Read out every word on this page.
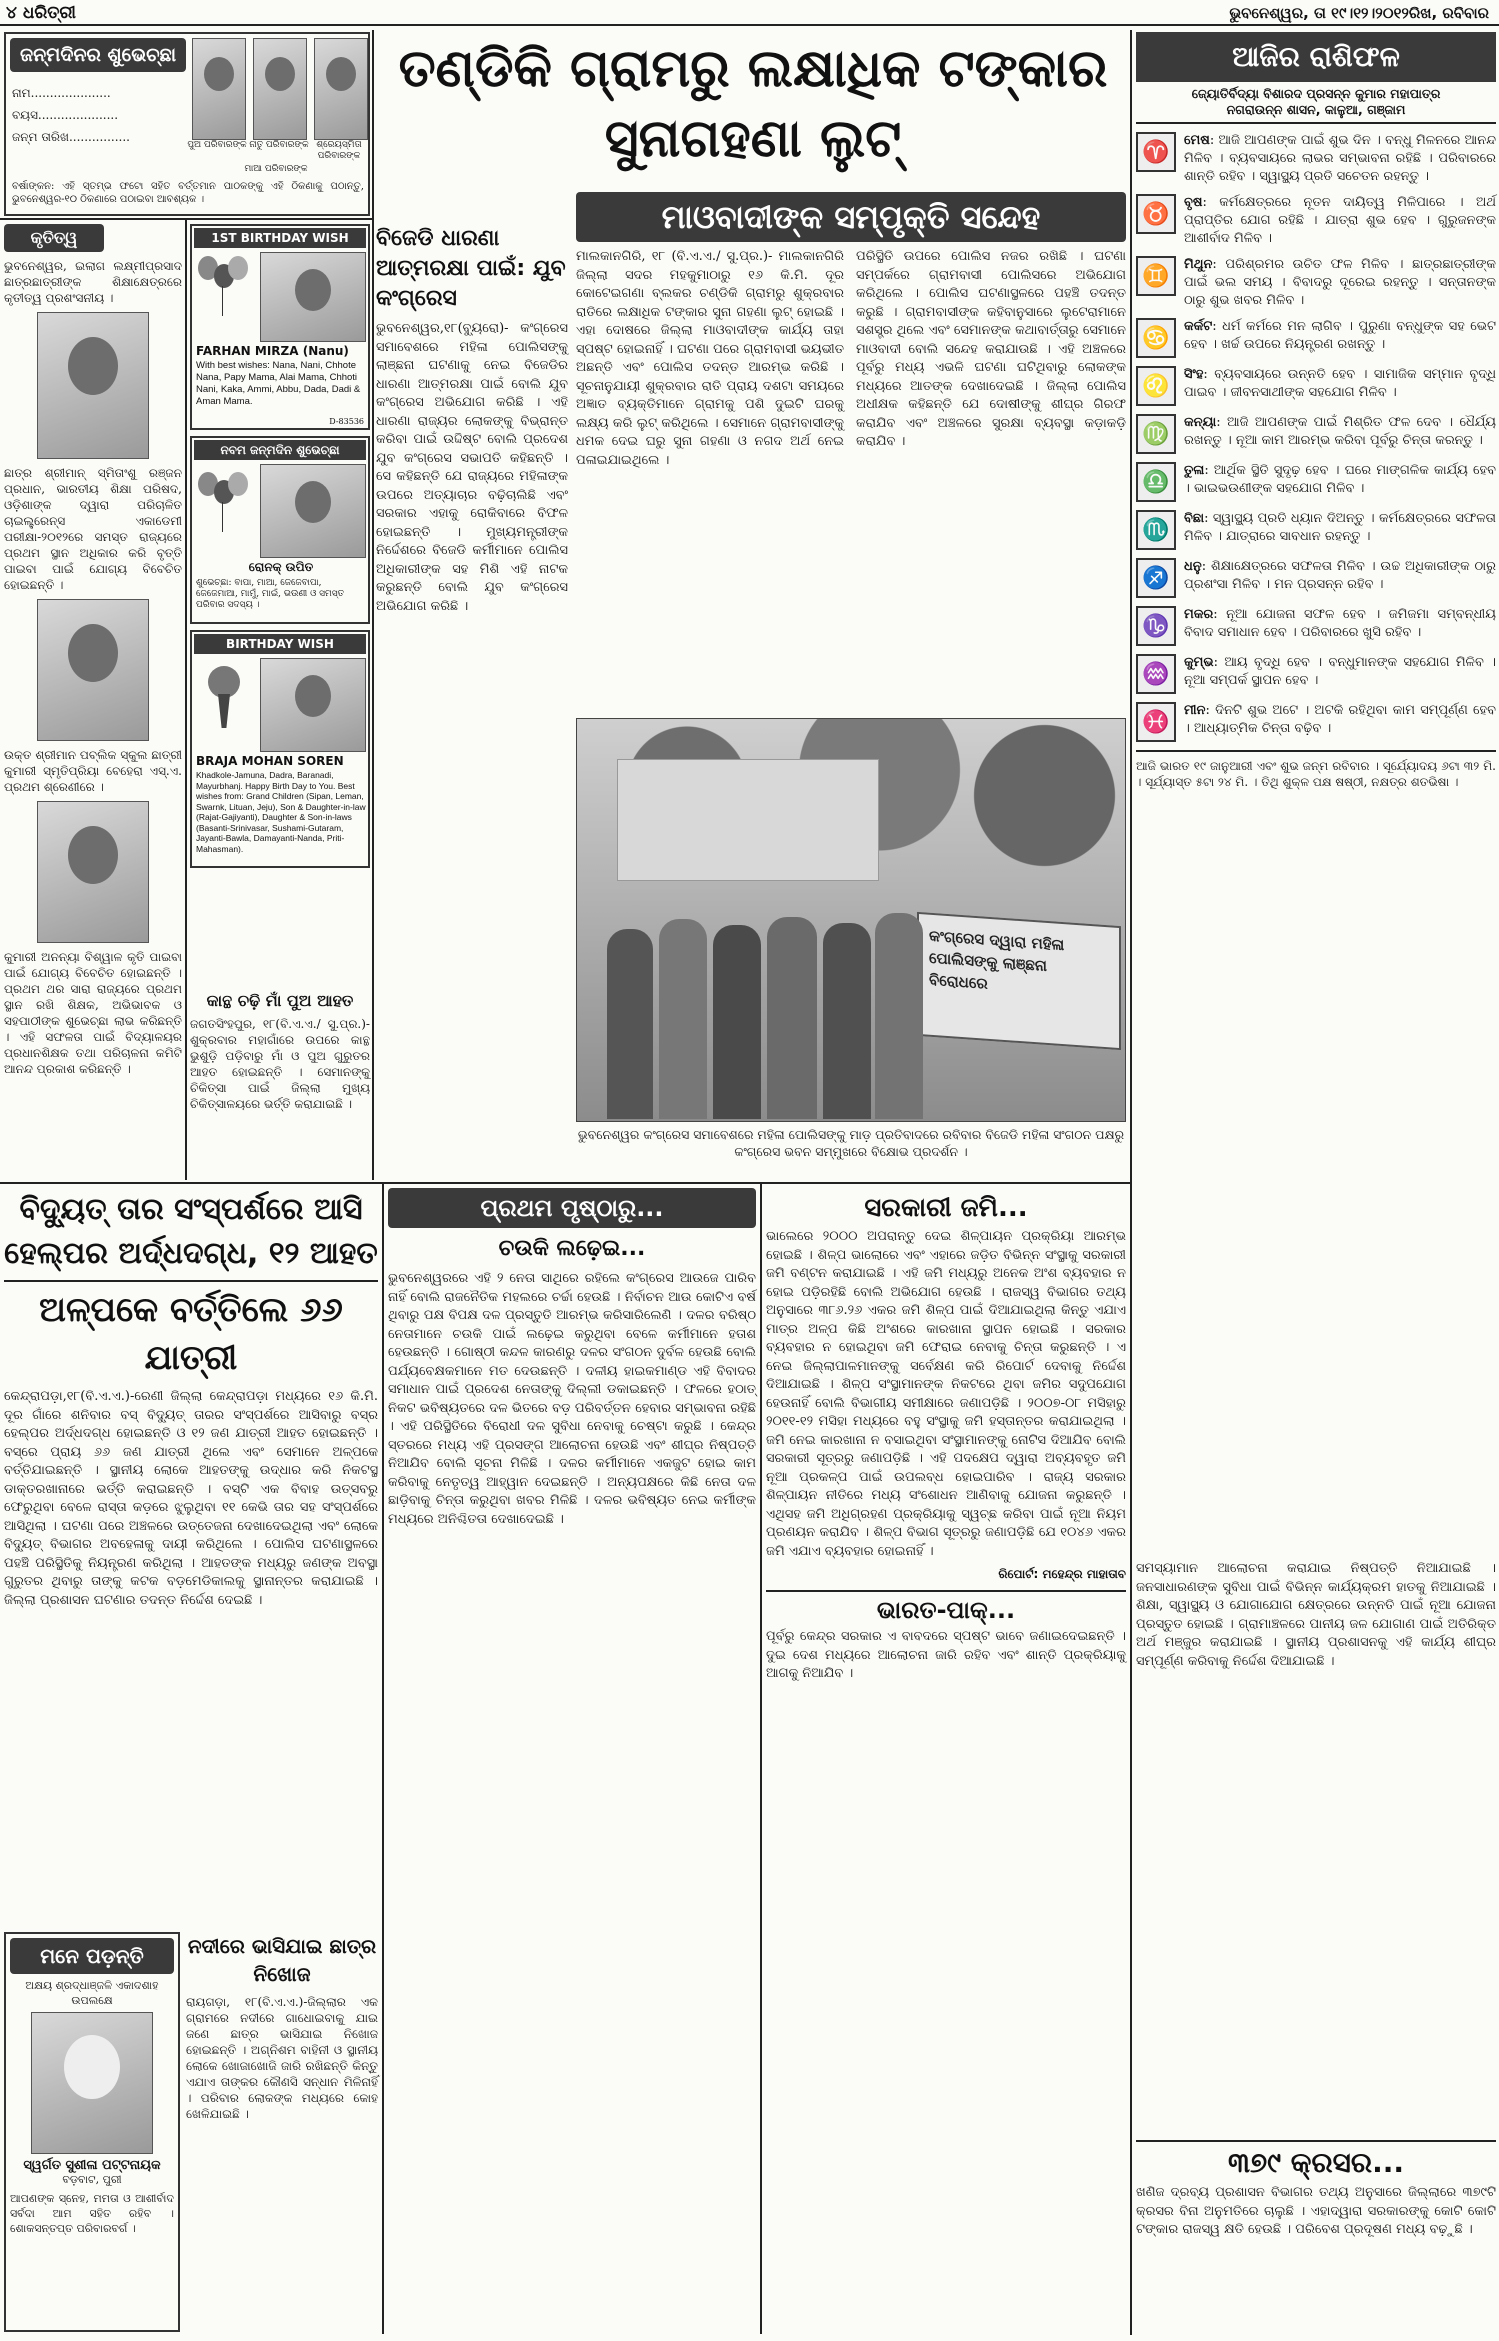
୪ ଧରିତ୍ରୀ	ଭୁବନେଶ୍ୱର, ତା ୧୯।୧୨।୨୦୧୨ରିଖ, ରବିବାର
ଜନ୍ମଦିନର ଶୁଭେଚ୍ଛା
ନାମ.....................
ବୟସ.....................
ଜନ୍ମ ତାରିଖ................
ପୁଅ ପରିବାରଙ୍କ ନାତୁ ପରିବାରଙ୍କ ଶ୍ରେୟସ୍ମିତା ପରିବାରଙ୍କ
ମାଆ ପରିବାରଙ୍କ
ବର୍ଷାଙ୍କନ: ଏହି ସ୍ତମ୍ଭ ଫଟୋ ସହିତ ବର୍ତ୍ତମାନ ପାଠକଙ୍କୁ ଏହି ଠିକଣାକୁ ପଠାନ୍ତୁ, ଭୁବନେଶ୍ୱର-୧୦ ଠିକଣାରେ ପଠାଇବା ଆବଶ୍ୟକ ।
କୃତିତ୍ୱ

ଭୁବନେଶ୍ୱର, ଇଲାଗ ଲକ୍ଷ୍ମୀପ୍ରସାଦ ଛାତ୍ରଛାତ୍ରୀଙ୍କ ଶିକ୍ଷାକ୍ଷେତ୍ରରେ କୃତୀତ୍ୱ ପ୍ରଶଂସନୀୟ ।

ଛାତ୍ର ଶ୍ରୀମାନ୍ ସ୍ମିତାଂଶୁ ରଞ୍ଜନ ପ୍ରଧାନ, ଭାରତୀୟ ଶିକ୍ଷା ପରିଷଦ, ଓଡ଼ିଶାଙ୍କ ଦ୍ୱାରା ପରିଚାଳିତ ଚାଇଲ୍ଡ୍ରେନ୍ସ ଏକାଡେମୀ ପରୀକ୍ଷା-୨୦୧୨ରେ ସମସ୍ତ ରାଜ୍ୟରେ ପ୍ରଥମ ସ୍ଥାନ ଅଧିକାର କରି ବୃତ୍ତି ପାଇବା ପାଇଁ ଯୋଗ୍ୟ ବିବେଚିତ ହୋଇଛନ୍ତି ।

ଉକ୍ତ ଶ୍ରୀମାନ ପବ୍ଲିକ ସ୍କୁଲ ଛାତ୍ରୀ କୁମାରୀ ସ୍ମୃତିପ୍ରିୟା ବେହେରା ଏସ୍.ଏ. ପ୍ରଥମ ଶ୍ରେଣୀରେ ।

କୁମାରୀ ଅନନ୍ୟା ବିଶ୍ୱାଳ କୃତି ପାଇବା ପାଇଁ ଯୋଗ୍ୟ ବିବେଚିତ ହୋଇଛନ୍ତି । ପ୍ରଥମ ଥର ସାରା ରାଜ୍ୟରେ ପ୍ରଥମ ସ୍ଥାନ ରଖି ଶିକ୍ଷକ, ଅଭିଭାବକ ଓ ସହପାଠୀଙ୍କ ଶୁଭେଚ୍ଛା ଲାଭ କରିଛନ୍ତି । ଏହି ସଫଳତା ପାଇଁ ବିଦ୍ୟାଳୟର ପ୍ରଧାନଶିକ୍ଷକ ତଥା ପରିଚାଳନା କମିଟି ଆନନ୍ଦ ପ୍ରକାଶ କରିଛନ୍ତି ।

1ST BIRTHDAY WISH
FARHAN MIRZA (Nanu)
With best wishes: Nana, Nani, Chhote Nana, Papy Mama, Alai Mama, Chhoti Nani, Kaka, Ammi, Abbu, Dada, Dadi & Aman Mama.
D-83536
ନବମ ଜନ୍ମଦିନ ଶୁଭେଚ୍ଛା
ରୋନକ୍ ଉପିତ
ଶୁଭେଚ୍ଛା: ବାପା, ମାଆ, ଜେଜେବାପା, ଜେଜେମାଆ, ମାମୁଁ, ମାଇଁ, ଭଉଣୀ ଓ ସମସ୍ତ ପରିବାର ସଦସ୍ୟ ।
BIRTHDAY WISH
BRAJA MOHAN SOREN
Khadkole-Jamuna, Dadra, Baranadi, Mayurbhanj. Happy Birth Day to You. Best wishes from: Grand Children (Sipan, Leman, Swarnk, Lituan, Jeju), Son & Daughter-in-law (Rajat-Gajiyanti), Daughter & Son-in-laws (Basanti-Srinivasar, Sushami-Gutaram, Jayanti-Bawla, Damayanti-Nanda, Priti-Mahasman).
ବିଜେଡି ଧାରଣା ଆତ୍ମରକ୍ଷା ପାଇଁ: ଯୁବ କଂଗ୍ରେସ

ଭୁବନେଶ୍ୱର,୧୮(ବ୍ୟୁରୋ)- କଂଗ୍ରେସ ସମାବେଶରେ ମହିଳା ପୋଲିସଙ୍କୁ ଲାଞ୍ଛନା ଘଟଣାକୁ ନେଇ ବିଜେଡିର ଧାରଣା ଆତ୍ମରକ୍ଷା ପାଇଁ ବୋଲି ଯୁବ କଂଗ୍ରେସ ଅଭିଯୋଗ କରିଛି । ଏହି ଧାରଣା ରାଜ୍ୟର ଲୋକଙ୍କୁ ବିଭ୍ରାନ୍ତ କରିବା ପାଇଁ ଉଦ୍ଦିଷ୍ଟ ବୋଲି ପ୍ରଦେଶ ଯୁବ କଂଗ୍ରେସ ସଭାପତି କହିଛନ୍ତି । ସେ କହିଛନ୍ତି ଯେ ରାଜ୍ୟରେ ମହିଳାଙ୍କ ଉପରେ ଅତ୍ୟାଚାର ବଢ଼ିଚାଲିଛି ଏବଂ ସରକାର ଏହାକୁ ରୋକିବାରେ ବିଫଳ ହୋଇଛନ୍ତି । ମୁଖ୍ୟମନ୍ତ୍ରୀଙ୍କ ନିର୍ଦ୍ଦେଶରେ ବିଜେଡି କର୍ମୀମାନେ ପୋଲିସ ଅଧିକାରୀଙ୍କ ସହ ମିଶି ଏହି ନାଟକ କରୁଛନ୍ତି ବୋଲି ଯୁବ କଂଗ୍ରେସ ଅଭିଯୋଗ କରିଛି ।

କାନ୍ଥ ଚଢ଼ି ମାଁ ପୁଅ ଆହତ

ଜଗତସିଂହପୁର, ୧୮(ବି.ଏ.ଏ./ ସୁ.ପ୍ର.)-ଶୁକ୍ରବାର ମହାଗାଁରେ ଉପରେ କାନ୍ଥ ଭୁଶୁଡ଼ି ପଡ଼ିବାରୁ ମାଁ ଓ ପୁଅ ଗୁରୁତର ଆହତ ହୋଇଛନ୍ତି । ସେମାନଙ୍କୁ ଚିକିତ୍ସା ପାଇଁ ଜିଲ୍ଲା ମୁଖ୍ୟ ଚିକିତ୍ସାଳୟରେ ଭର୍ତ୍ତି କରାଯାଇଛି ।

ତଣ୍ଡିକି ଗ୍ରାମରୁ ଲକ୍ଷାଧିକ ଟଙ୍କାର ସୁନାଗହଣା ଲୁଟ୍
ମାଓବାଦୀଙ୍କ ସମ୍ପୃକ୍ତି ସନ୍ଦେହ

ମାଲକାନଗିରି, ୧୮ (ବି.ଏ.ଏ./ ସୁ.ପ୍ର.)- ମାଲକାନଗିରି ଜିଲ୍ଲା ସଦର ମହକୁମାଠାରୁ ୧୬ କି.ମି. ଦୂର କୋଟେଇଗଣା ବ୍ଲକର ଚଣ୍ଡିକି ଗ୍ରାମରୁ ଶୁକ୍ରବାର ରାତିରେ ଲକ୍ଷାଧିକ ଟଙ୍କାର ସୁନା ଗହଣା ଲୁଟ୍ ହୋଇଛି । ଏହା ଦୋଷରେ ଜିଲ୍ଲା ମାଓବାଦୀଙ୍କ କାର୍ଯ୍ୟ ତାହା ସ୍ପଷ୍ଟ ହୋଇନାହିଁ । ଘଟଣା ପରେ ଗ୍ରାମବାସୀ ଭୟଭୀତ ଅଛନ୍ତି ଏବଂ ପୋଲିସ ତଦନ୍ତ ଆରମ୍ଭ କରିଛି । ସୂଚନାନୁଯାୟୀ ଶୁକ୍ରବାର ରାତି ପ୍ରାୟ ଦଶଟା ସମୟରେ ଅଜ୍ଞାତ ବ୍ୟକ୍ତିମାନେ ଗ୍ରାମକୁ ପଶି ଦୁଇଟି ଘରକୁ ଲକ୍ଷ୍ୟ କରି ଲୁଟ୍ କରିଥିଲେ । ସେମାନେ ଗ୍ରାମବାସୀଙ୍କୁ ଧମକ ଦେଇ ଘରୁ ସୁନା ଗହଣା ଓ ନଗଦ ଅର୍ଥ ନେଇ ପଳାଇଯାଇଥିଲେ ।

ପରିସ୍ଥିତି ଉପରେ ପୋଲିସ ନଜର ରଖିଛି । ଘଟଣା ସମ୍ପର୍କରେ ଗ୍ରାମବାସୀ ପୋଲିସରେ ଅଭିଯୋଗ କରିଥିଲେ । ପୋଲିସ ଘଟଣାସ୍ଥଳରେ ପହଞ୍ଚି ତଦନ୍ତ କରୁଛି । ଗ୍ରାମବାସୀଙ୍କ କହିବାନୁସାରେ ଲୁଟେରାମାନେ ସଶସ୍ତ୍ର ଥିଲେ ଏବଂ ସେମାନଙ୍କ କଥାବାର୍ତ୍ତାରୁ ସେମାନେ ମାଓବାଦୀ ବୋଲି ସନ୍ଦେହ କରାଯାଉଛି । ଏହି ଅଞ୍ଚଳରେ ପୂର୍ବରୁ ମଧ୍ୟ ଏଭଳି ଘଟଣା ଘଟିଥିବାରୁ ଲୋକଙ୍କ ମଧ୍ୟରେ ଆତଙ୍କ ଦେଖାଦେଇଛି । ଜିଲ୍ଲା ପୋଲିସ ଅଧୀକ୍ଷକ କହିଛନ୍ତି ଯେ ଦୋଷୀଙ୍କୁ ଶୀଘ୍ର ଗିରଫ କରାଯିବ ଏବଂ ଅଞ୍ଚଳରେ ସୁରକ୍ଷା ବ୍ୟବସ୍ଥା କଡ଼ାକଡ଼ି କରାଯିବ ।

କଂଗ୍ରେସ ଦ୍ୱାରା ମହିଳା ପୋଲିସଙ୍କୁ ଲାଞ୍ଛନା ବିରୋଧରେ
ଭୁବନେଶ୍ୱର କଂଗ୍ରେସ ସମାବେଶରେ ମହିଳା ପୋଲିସଙ୍କୁ ମାଡ଼ ପ୍ରତିବାଦରେ ରବିବାର ବିଜେଡି ମହିଳା ସଂଗଠନ ପକ୍ଷରୁ କଂଗ୍ରେସ ଭବନ ସମ୍ମୁଖରେ ବିକ୍ଷୋଭ ପ୍ରଦର୍ଶନ ।
ବିଦ୍ୟୁତ୍ ତାର ସଂସ୍ପର୍ଶରେ ଆସି ହେଲ୍ପର ଅର୍ଦ୍ଧଦଗ୍ଧ, ୧୨ ଆହତ
ଅଳ୍ପକେ ବର୍ତ୍ତିଲେ ୬୬ ଯାତ୍ରୀ

କେନ୍ଦ୍ରାପଡ଼ା,୧୮(ବି.ଏ.ଏ.)-ରେଣୀ ଜିଲ୍ଲା କେନ୍ଦ୍ରାପଡ଼ା ମଧ୍ୟରେ ୧୬ କି.ମି. ଦୂର ଗାଁରେ ଶନିବାର ବସ୍ ବିଦ୍ୟୁତ୍ ତାରର ସଂସ୍ପର୍ଶରେ ଆସିବାରୁ ବସ୍‌ର ହେଲ୍ପର ଅର୍ଦ୍ଧଦଗ୍ଧ ହୋଇଛନ୍ତି ଓ ୧୨ ଜଣ ଯାତ୍ରୀ ଆହତ ହୋଇଛନ୍ତି । ବସ୍‌ରେ ପ୍ରାୟ ୬୬ ଜଣ ଯାତ୍ରୀ ଥିଲେ ଏବଂ ସେମାନେ ଅଳ୍ପକେ ବର୍ତ୍ତିଯାଇଛନ୍ତି । ସ୍ଥାନୀୟ ଲୋକେ ଆହତଙ୍କୁ ଉଦ୍ଧାର କରି ନିକଟସ୍ଥ ଡାକ୍ତରଖାନାରେ ଭର୍ତ୍ତି କରାଇଛନ୍ତି । ବସ୍‌ଟି ଏକ ବିବାହ ଉତ୍ସବରୁ ଫେରୁଥିବା ବେଳେ ରାସ୍ତା କଡ଼ରେ ଝୁଲୁଥିବା ୧୧ କେଭି ତାର ସହ ସଂସ୍ପର୍ଶରେ ଆସିଥିଲା । ଘଟଣା ପରେ ଅଞ୍ଚଳରେ ଉତ୍ତେଜନା ଦେଖାଦେଇଥିଲା ଏବଂ ଲୋକେ ବିଦ୍ୟୁତ୍ ବିଭାଗର ଅବହେଳାକୁ ଦାୟୀ କରିଥିଲେ । ପୋଲିସ ଘଟଣାସ୍ଥଳରେ ପହଞ୍ଚି ପରିସ୍ଥିତିକୁ ନିୟନ୍ତ୍ରଣ କରିଥିଲା । ଆହତଙ୍କ ମଧ୍ୟରୁ ଜଣଙ୍କ ଅବସ୍ଥା ଗୁରୁତର ଥିବାରୁ ତାଙ୍କୁ କଟକ ବଡ଼ମେଡିକାଲକୁ ସ୍ଥାନାନ୍ତର କରାଯାଇଛି । ଜିଲ୍ଲା ପ୍ରଶାସନ ଘଟଣାର ତଦନ୍ତ ନିର୍ଦ୍ଦେଶ ଦେଇଛି ।

ମନେ ପଡ଼ନ୍ତି
ଅକ୍ଷୟ ଶ୍ରଦ୍ଧାଞ୍ଜଳି ଏକାଦଶାହ ଉପଲକ୍ଷେ
ସ୍ୱର୍ଗତ ସୁଶୀଳା ପଟ୍ଟନାୟକ
ବଡ଼ବାଟ, ପୁରୀ

ଆପଣଙ୍କ ସ୍ନେହ, ମମତା ଓ ଆଶୀର୍ବାଦ ସର୍ବଦା ଆମ ସହିତ ରହିବ । ଶୋକସନ୍ତପ୍ତ ପରିବାରବର୍ଗ ।

ନଦୀରେ ଭାସିଯାଇ ଛାତ୍ର ନିଖୋଜ

ରାୟଗଡ଼ା, ୧୮(ବି.ଏ.ଏ.)-ଜିଲ୍ଲାର ଏକ ଗ୍ରାମରେ ନଦୀରେ ଗାଧୋଇବାକୁ ଯାଇ ଜଣେ ଛାତ୍ର ଭାସିଯାଇ ନିଖୋଜ ହୋଇଛନ୍ତି । ଅଗ୍ନିଶମ ବାହିନୀ ଓ ସ୍ଥାନୀୟ ଲୋକେ ଖୋଜାଖୋଜି ଜାରି ରଖିଛନ୍ତି କିନ୍ତୁ ଏଯାଏ ତାଙ୍କର କୌଣସି ସନ୍ଧାନ ମିଳିନାହିଁ । ପରିବାର ଲୋକଙ୍କ ମଧ୍ୟରେ କୋହ ଖେଳିଯାଇଛି ।

ପ୍ରଥମ ପୃଷ୍ଠାରୁ...
ଚଉକି ଲଢ଼େଇ...

ଭୁବନେଶ୍ୱରରେ ଏହି ୨ ନେତା ସାଥିରେ ରହିଲେ କଂଗ୍ରେସ ଆଉଜେ ପାରିବ ନାହିଁ ବୋଲି ରାଜନୈତିକ ମହଲରେ ଚର୍ଚ୍ଚା ହେଉଛି । ନିର୍ବାଚନ ଆଉ କୋଟିଏ ବର୍ଷ ଥିବାରୁ ପକ୍ଷ ବିପକ୍ଷ ଦଳ ପ୍ରସ୍ତୁତି ଆରମ୍ଭ କରିସାରିଲେଣି । ଦଳର ବରିଷ୍ଠ ନେତାମାନେ ଚଉକି ପାଇଁ ଲଢ଼େଇ କରୁଥିବା ବେଳେ କର୍ମୀମାନେ ହତାଶ ହେଉଛନ୍ତି । ଗୋଷ୍ଠୀ କନ୍ଦଳ କାରଣରୁ ଦଳର ସଂଗଠନ ଦୁର୍ବଳ ହେଉଛି ବୋଲି ପର୍ଯ୍ୟବେକ୍ଷକମାନେ ମତ ଦେଉଛନ୍ତି । ଦଳୀୟ ହାଇକମାଣ୍ଡ ଏହି ବିବାଦର ସମାଧାନ ପାଇଁ ପ୍ରଦେଶ ନେତାଙ୍କୁ ଦିଲ୍ଲୀ ଡକାଇଛନ୍ତି । ଫଳରେ ହଠାତ୍ ନିକଟ ଭବିଷ୍ୟତରେ ଦଳ ଭିତରେ ବଡ଼ ପରିବର୍ତ୍ତନ ହେବାର ସମ୍ଭାବନା ରହିଛି । ଏହି ପରିସ୍ଥିତିରେ ବିରୋଧୀ ଦଳ ସୁବିଧା ନେବାକୁ ଚେଷ୍ଟା କରୁଛି । କେନ୍ଦ୍ର ସ୍ତରରେ ମଧ୍ୟ ଏହି ପ୍ରସଙ୍ଗ ଆଲୋଚନା ହେଉଛି ଏବଂ ଶୀଘ୍ର ନିଷ୍ପତ୍ତି ନିଆଯିବ ବୋଲି ସୂଚନା ମିଳିଛି । ଦଳର କର୍ମୀମାନେ ଏକଜୁଟ ହୋଇ କାମ କରିବାକୁ ନେତୃତ୍ୱ ଆହ୍ୱାନ ଦେଇଛନ୍ତି । ଅନ୍ୟପକ୍ଷରେ କିଛି ନେତା ଦଳ ଛାଡ଼ିବାକୁ ଚିନ୍ତା କରୁଥିବା ଖବର ମିଳିଛି । ଦଳର ଭବିଷ୍ୟତ ନେଇ କର୍ମୀଙ୍କ ମଧ୍ୟରେ ଅନିଶ୍ଚିତତା ଦେଖାଦେଇଛି ।

ସରକାରୀ ଜମି...

ଭାଲେରେ ୨୦୦୦ ଅପରାନ୍ତୁ ଦେଇ ଶିଳ୍ପାୟନ ପ୍ରକ୍ରିୟା ଆରମ୍ଭ ହୋଇଛି । ଶିଳ୍ପ ଭାଲୋରେ ଏବଂ ଏହାରେ ଜଡ଼ିତ ବିଭିନ୍ନ ସଂସ୍ଥାକୁ ସରକାରୀ ଜମି ବଣ୍ଟନ କରାଯାଇଛି । ଏହି ଜମି ମଧ୍ୟରୁ ଅନେକ ଅଂଶ ବ୍ୟବହାର ନ ହୋଇ ପଡ଼ିରହିଛି ବୋଲି ଅଭିଯୋଗ ହେଉଛି । ରାଜସ୍ୱ ବିଭାଗର ତଥ୍ୟ ଅନୁସାରେ ୩୮୬.୨୬ ଏକର ଜମି ଶିଳ୍ପ ପାଇଁ ଦିଆଯାଇଥିଲା କିନ୍ତୁ ଏଯାଏ ମାତ୍ର ଅଳ୍ପ କିଛି ଅଂଶରେ କାରଖାନା ସ୍ଥାପନ ହୋଇଛି । ସରକାର ବ୍ୟବହାର ନ ହୋଇଥିବା ଜମି ଫେରାଇ ନେବାକୁ ଚିନ୍ତା କରୁଛନ୍ତି । ଏ ନେଇ ଜିଲ୍ଲାପାଳମାନଙ୍କୁ ସର୍ବେକ୍ଷଣ କରି ରିପୋର୍ଟ ଦେବାକୁ ନିର୍ଦ୍ଦେଶ ଦିଆଯାଇଛି । ଶିଳ୍ପ ସଂସ୍ଥାମାନଙ୍କ ନିକଟରେ ଥିବା ଜମିର ସଦୁପଯୋଗ ହେଉନାହିଁ ବୋଲି ବିଭାଗୀୟ ସମୀକ୍ଷାରେ ଜଣାପଡ଼ିଛି । ୨୦୦୭-୦୮ ମସିହାରୁ ୨୦୧୧-୧୨ ମସିହା ମଧ୍ୟରେ ବହୁ ସଂସ୍ଥାକୁ ଜମି ହସ୍ତାନ୍ତର କରାଯାଇଥିଲା । ଜମି ନେଇ କାରଖାନା ନ ବସାଇଥିବା ସଂସ୍ଥାମାନଙ୍କୁ ନୋଟିସ ଦିଆଯିବ ବୋଲି ସରକାରୀ ସୂତ୍ରରୁ ଜଣାପଡ଼ିଛି । ଏହି ପଦକ୍ଷେପ ଦ୍ୱାରା ଅବ୍ୟବହୃତ ଜମି ନୂଆ ପ୍ରକଳ୍ପ ପାଇଁ ଉପଲବ୍ଧ ହୋଇପାରିବ । ରାଜ୍ୟ ସରକାର ଶିଳ୍ପାୟନ ନୀତିରେ ମଧ୍ୟ ସଂଶୋଧନ ଆଣିବାକୁ ଯୋଜନା କରୁଛନ୍ତି । ଏଥିସହ ଜମି ଅଧିଗ୍ରହଣ ପ୍ରକ୍ରିୟାକୁ ସ୍ୱଚ୍ଛ କରିବା ପାଇଁ ନୂଆ ନିୟମ ପ୍ରଣୟନ କରାଯିବ । ଶିଳ୍ପ ବିଭାଗ ସୂତ୍ରରୁ ଜଣାପଡ଼ିଛି ଯେ ୧୦୪୬ ଏକର ଜମି ଏଯାଏ ବ୍ୟବହାର ହୋଇନାହିଁ ।

ରିପୋର୍ଟ: ମହେନ୍ଦ୍ର ମାହାତାବ
ଭାରତ-ପାକ୍...

ପୂର୍ବରୁ କେନ୍ଦ୍ର ସରକାର ଏ ବାବଦରେ ସ୍ପଷ୍ଟ ଭାବେ ଜଣାଇଦେଇଛନ୍ତି । ଦୁଇ ଦେଶ ମଧ୍ୟରେ ଆଲୋଚନା ଜାରି ରହିବ ଏବଂ ଶାନ୍ତି ପ୍ରକ୍ରିୟାକୁ ଆଗକୁ ନିଆଯିବ ।

ଆଜିର ରାଶିଫଳ
ଜ୍ୟୋତିର୍ବିଦ୍ୟା ବିଶାରଦ ପ୍ରସନ୍ନ କୁମାର ମହାପାତ୍ର
ନଗରାଉନ୍ନ ଶାସନ, କାଳୁଆ, ଗଞ୍ଜାମ
♈	ମେଷ: ଆଜି ଆପଣଙ୍କ ପାଇଁ ଶୁଭ ଦିନ । ବନ୍ଧୁ ମିଳନରେ ଆନନ୍ଦ ମିଳିବ । ବ୍ୟବସାୟରେ ଲାଭର ସମ୍ଭାବନା ରହିଛି । ପରିବାରରେ ଶାନ୍ତି ରହିବ । ସ୍ୱାସ୍ଥ୍ୟ ପ୍ରତି ସଚେତନ ରହନ୍ତୁ ।
♉	ବୃଷ: କର୍ମକ୍ଷେତ୍ରରେ ନୂତନ ଦାୟିତ୍ୱ ମିଳିପାରେ । ଅର୍ଥ ପ୍ରାପ୍ତିର ଯୋଗ ରହିଛି । ଯାତ୍ରା ଶୁଭ ହେବ । ଗୁରୁଜନଙ୍କ ଆଶୀର୍ବାଦ ମିଳିବ ।
♊	ମିଥୁନ: ପରିଶ୍ରମର ଉଚିତ ଫଳ ମିଳିବ । ଛାତ୍ରଛାତ୍ରୀଙ୍କ ପାଇଁ ଭଲ ସମୟ । ବିବାଦରୁ ଦୂରେଇ ରହନ୍ତୁ । ସନ୍ତାନଙ୍କ ଠାରୁ ଶୁଭ ଖବର ମିଳିବ ।
♋	କର୍କଟ: ଧର୍ମ କର୍ମରେ ମନ ଲାଗିବ । ପୁରୁଣା ବନ୍ଧୁଙ୍କ ସହ ଭେଟ ହେବ । ଖର୍ଚ୍ଚ ଉପରେ ନିୟନ୍ତ୍ରଣ ରଖନ୍ତୁ ।
♌	ସିଂହ: ବ୍ୟବସାୟରେ ଉନ୍ନତି ହେବ । ସାମାଜିକ ସମ୍ମାନ ବୃଦ୍ଧି ପାଇବ । ଜୀବନସାଥୀଙ୍କ ସହଯୋଗ ମିଳିବ ।
♍	କନ୍ୟା: ଆଜି ଆପଣଙ୍କ ପାଇଁ ମିଶ୍ରିତ ଫଳ ଦେବ । ଧୈର୍ଯ୍ୟ ରଖନ୍ତୁ । ନୂଆ କାମ ଆରମ୍ଭ କରିବା ପୂର୍ବରୁ ଚିନ୍ତା କରନ୍ତୁ ।
♎	ତୁଳା: ଆର୍ଥିକ ସ୍ଥିତି ସୁଦୃଢ଼ ହେବ । ଘରେ ମାଙ୍ଗଳିକ କାର୍ଯ୍ୟ ହେବ । ଭାଇଭଉଣୀଙ୍କ ସହଯୋଗ ମିଳିବ ।
♏	ବିଛା: ସ୍ୱାସ୍ଥ୍ୟ ପ୍ରତି ଧ୍ୟାନ ଦିଅନ୍ତୁ । କର୍ମକ୍ଷେତ୍ରରେ ସଫଳତା ମିଳିବ । ଯାତ୍ରାରେ ସାବଧାନ ରହନ୍ତୁ ।
♐	ଧନୁ: ଶିକ୍ଷାକ୍ଷେତ୍ରରେ ସଫଳତା ମିଳିବ । ଉଚ୍ଚ ଅଧିକାରୀଙ୍କ ଠାରୁ ପ୍ରଶଂସା ମିଳିବ । ମନ ପ୍ରସନ୍ନ ରହିବ ।
♑	ମକର: ନୂଆ ଯୋଜନା ସଫଳ ହେବ । ଜମିଜମା ସମ୍ବନ୍ଧୀୟ ବିବାଦ ସମାଧାନ ହେବ । ପରିବାରରେ ଖୁସି ରହିବ ।
♒	କୁମ୍ଭ: ଆୟ ବୃଦ୍ଧି ହେବ । ବନ୍ଧୁମାନଙ୍କ ସହଯୋଗ ମିଳିବ । ନୂଆ ସମ୍ପର୍କ ସ୍ଥାପନ ହେବ ।
♓	ମୀନ: ଦିନଟି ଶୁଭ ଅଟେ । ଅଟକି ରହିଥିବା କାମ ସମ୍ପୂର୍ଣ୍ଣ ହେବ । ଆଧ୍ୟାତ୍ମିକ ଚିନ୍ତା ବଢ଼ିବ ।

ଆଜି ଭାରତ ୧୯ ଜାନୁଆରୀ ଏବଂ ଶୁଭ ଜନ୍ମ ରବିବାର । ସୂର୍ଯ୍ୟୋଦୟ ୬ଟା ୩୨ ମି. । ସୂର୍ଯ୍ୟାସ୍ତ ୫ଟା ୨୪ ମି. । ତିଥି ଶୁକ୍ଳ ପକ୍ଷ ଷଷ୍ଠୀ, ନକ୍ଷତ୍ର ଶତଭିଷା ।

ସମସ୍ୟାମାନ ଆଲୋଚନା କରାଯାଇ ନିଷ୍ପତ୍ତି ନିଆଯାଇଛି । ଜନସାଧାରଣଙ୍କ ସୁବିଧା ପାଇଁ ବିଭିନ୍ନ କାର୍ଯ୍ୟକ୍ରମ ହାତକୁ ନିଆଯାଇଛି । ଶିକ୍ଷା, ସ୍ୱାସ୍ଥ୍ୟ ଓ ଯୋଗାଯୋଗ କ୍ଷେତ୍ରରେ ଉନ୍ନତି ପାଇଁ ନୂଆ ଯୋଜନା ପ୍ରସ୍ତୁତ ହୋଇଛି । ଗ୍ରାମାଞ୍ଚଳରେ ପାନୀୟ ଜଳ ଯୋଗାଣ ପାଇଁ ଅତିରିକ୍ତ ଅର୍ଥ ମଞ୍ଜୁର କରାଯାଇଛି । ସ୍ଥାନୀୟ ପ୍ରଶାସନକୁ ଏହି କାର୍ଯ୍ୟ ଶୀଘ୍ର ସମ୍ପୂର୍ଣ୍ଣ କରିବାକୁ ନିର୍ଦ୍ଦେଶ ଦିଆଯାଇଛି ।

୩୭୯ କ୍ରସର...

ଖଣିଜ ଦ୍ରବ୍ୟ ପ୍ରଶାସନ ବିଭାଗର ତଥ୍ୟ ଅନୁସାରେ ଜିଲ୍ଲାରେ ୩୭୯ଟି କ୍ରସର ବିନା ଅନୁମତିରେ ଚାଲୁଛି । ଏହାଦ୍ୱାରା ସରକାରଙ୍କୁ କୋଟି କୋଟି ଟଙ୍କାର ରାଜସ୍ୱ କ୍ଷତି ହେଉଛି । ପରିବେଶ ପ୍ରଦୂଷଣ ମଧ୍ୟ ବଢ଼ୁଛି ।
